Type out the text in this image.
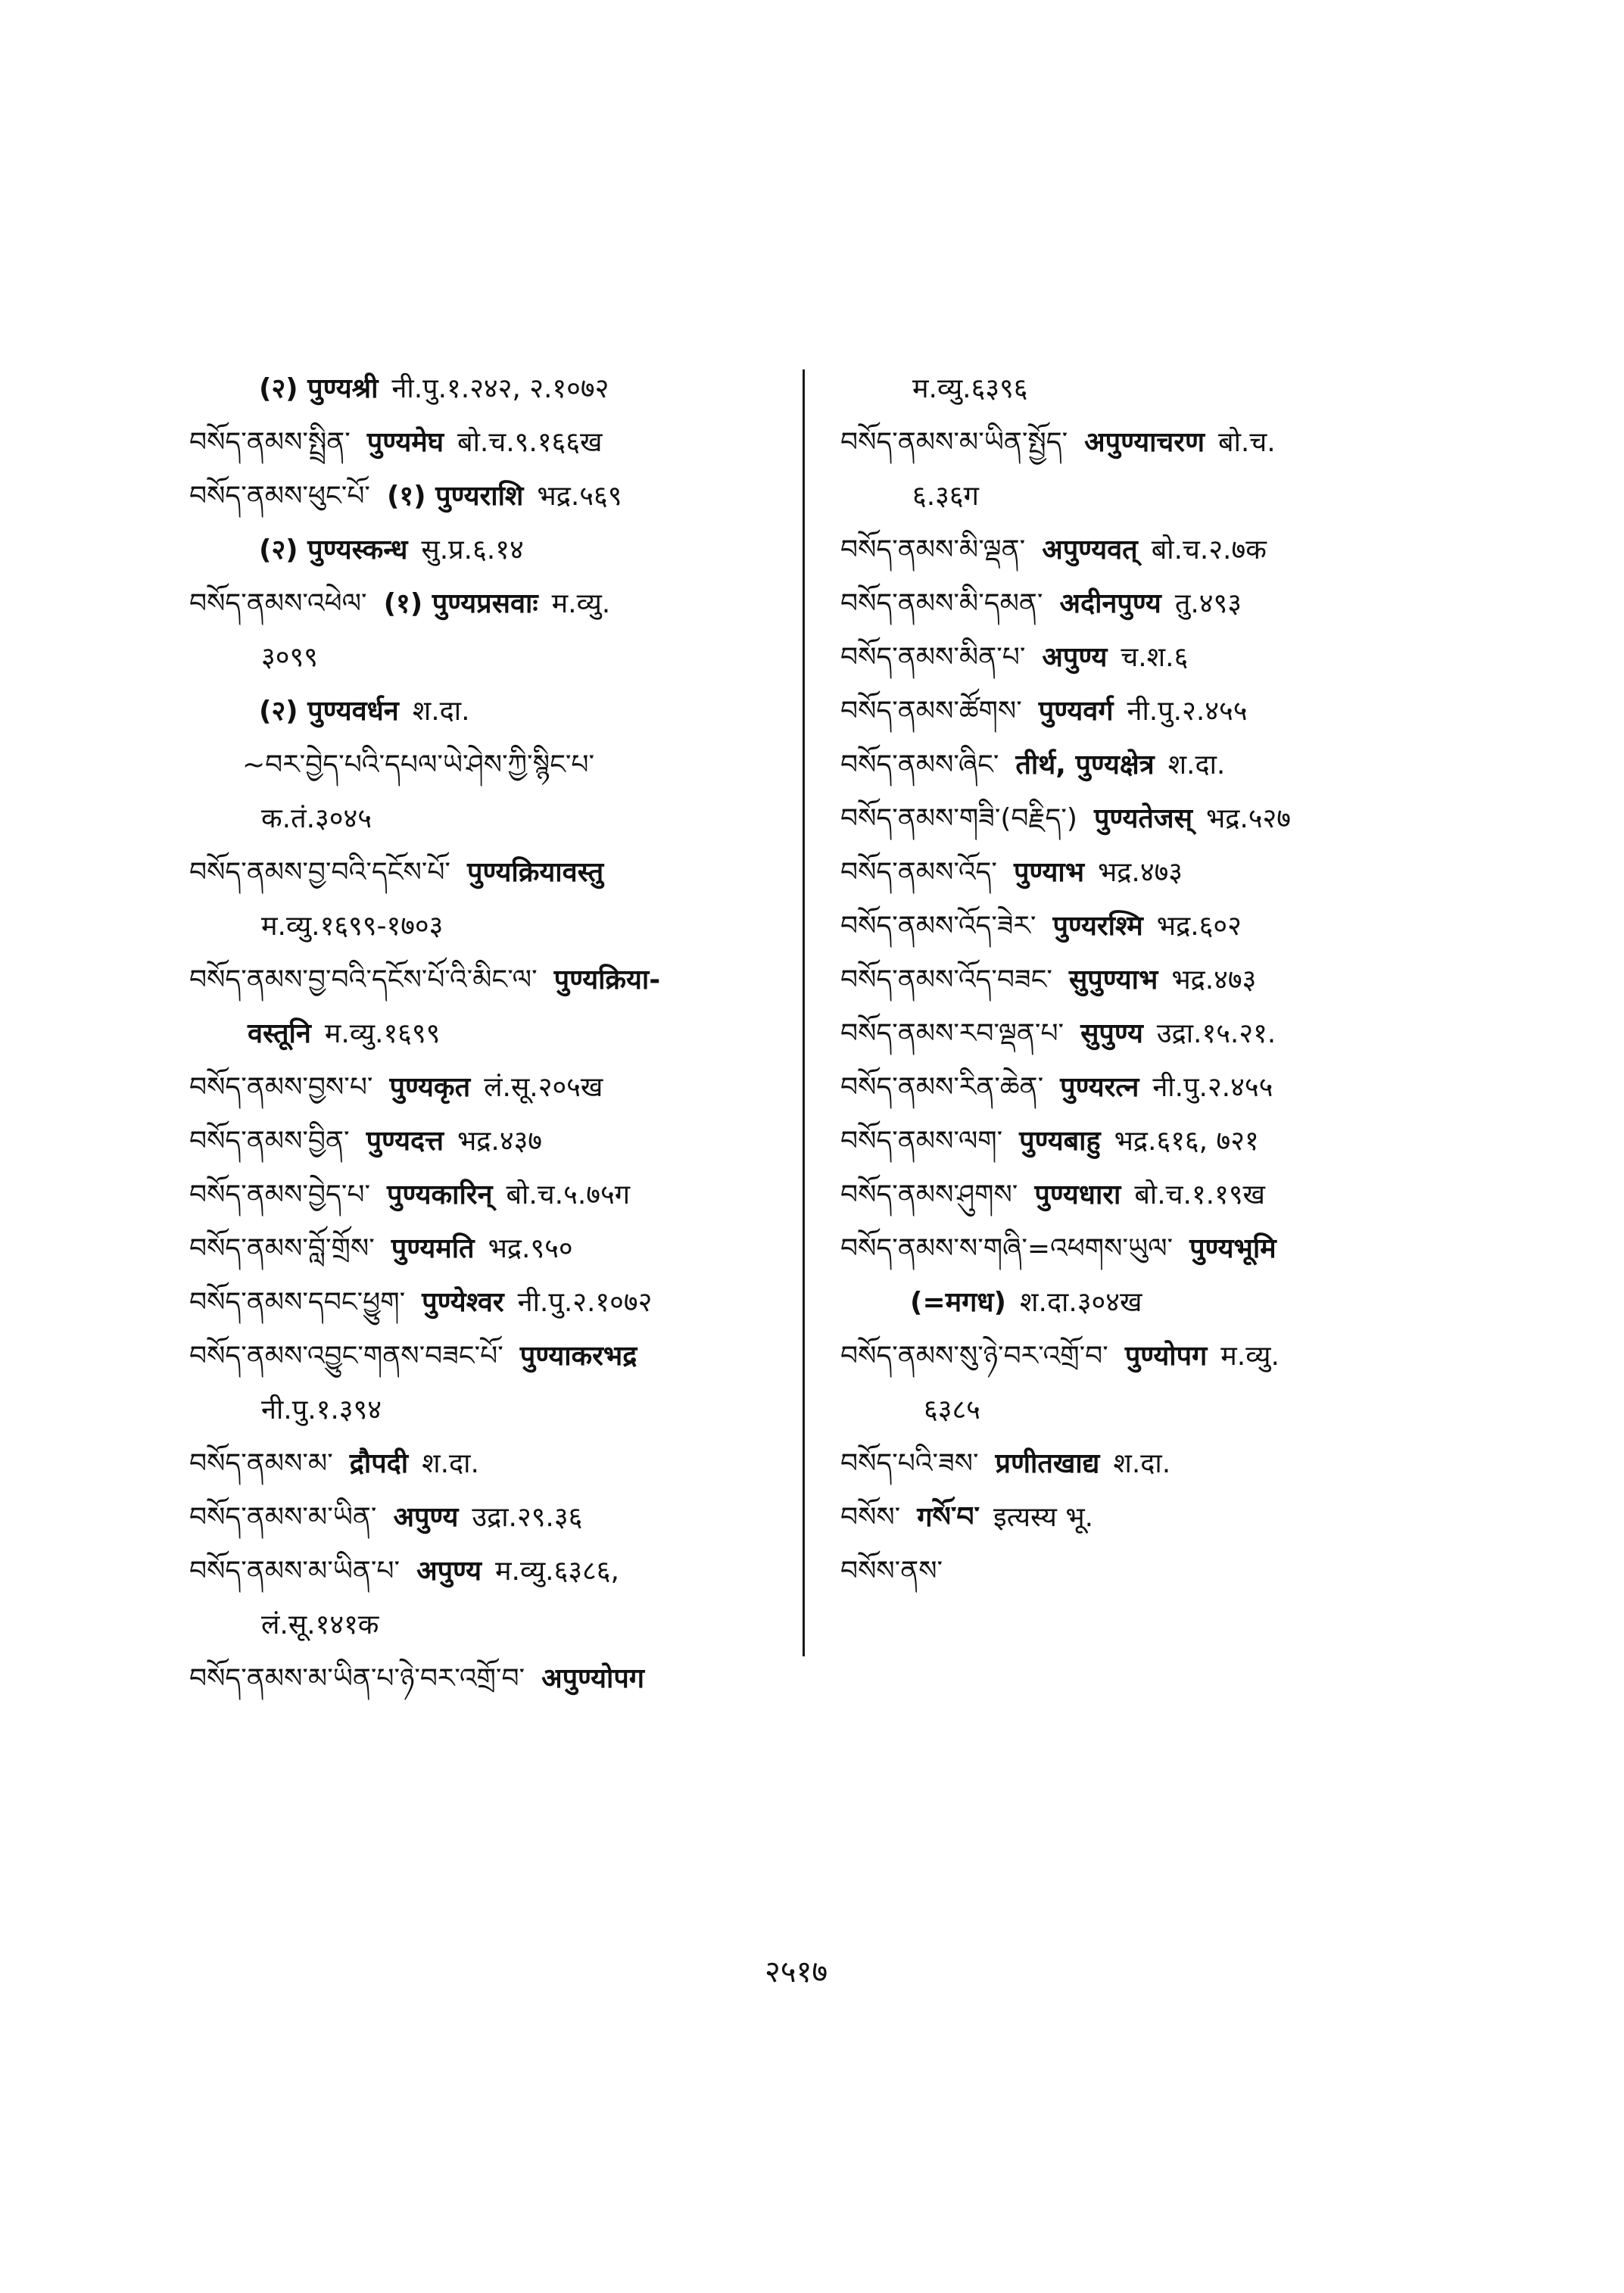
(२) पुण्यश्री नी.पु.१.२४२, २.१०७२
བསོད་ནམས་སྤྲིན་ पुण्यमेघ बो.च.९.१६६ख
བསོད་ནམས་ཕུང་པོ་ (१) पुण्यराशि भद्र.५६९
(२) पुण्यस्कन्ध सु.प्र.६.१४
བསོད་ནམས་འཕེལ་ (१) पुण्यप्रसवाः म.व्यु.
३०९९
(२) पुण्यवर्धन श.दा.
~བར་བྱེད་པའི་དཔལ་ཡེ་ཤེས་ཀྱི་སྙིང་པ་
क.तं.३०४५
བསོད་ནམས་བྱ་བའི་དངོས་པོ་ पुण्यक्रियावस्तु
म.व्यु.१६९९-१७०३
བསོད་ནམས་བྱ་བའི་དངོས་པོ་འི་མིང་ལ་ पुण्यक्रिया-
वस्तूनि म.व्यु.१६९९
བསོད་ནམས་བྱས་པ་ पुण्यकृत लं.सू.२०५ख
བསོད་ནམས་བྱིན་ पुण्यदत्त भद्र.४३७
བསོད་ནམས་བྱེད་པ་ पुण्यकारिन् बो.च.५.७५ग
བསོད་ནམས་བློ་གྲོས་ पुण्यमति भद्र.९५०
བསོད་ནམས་དབང་ཕྱུག་ पुण्येश्वर नी.पु.२.१०७२
བསོད་ནམས་འབྱུང་གནས་བཟང་པོ་ पुण्याकरभद्र
नी.पु.१.३९४
བསོད་ནམས་མ་ द्रौपदी श.दा.
བསོད་ནམས་མ་ཡིན་ अपुण्य उद्रा.२९.३६
བསོད་ནམས་མ་ཡིན་པ་ अपुण्य म.व्यु.६३८६,
लं.सू.१४१क
བསོད་ནམས་མ་ཡིན་པ་ཉེ་བར་འགྲོ་བ་ अपुण्योपग
म.व्यु.६३९६
བསོད་ནམས་མ་ཡིན་སྤྱོད་ अपुण्याचरण बो.च.
६.३६ग
བསོད་ནམས་མི་ལྡན་ अपुण्यवत् बो.च.२.७क
བསོད་ནམས་མི་དམན་ अदीनपुण्य तु.४९३
བསོད་ནམས་མིན་པ་ अपुण्य च.श.६
བསོད་ནམས་ཚོགས་ पुण्यवर्ग नी.पु.२.४५५
བསོད་ནམས་ཞིང་ तीर्थ, पुण्यक्षेत्र श.दा.
བསོད་ནམས་གཟི་(བརྗིད་) पुण्यतेजस् भद्र.५२७
བསོད་ནམས་འོད་ पुण्याभ भद्र.४७३
བསོད་ནམས་འོད་ཟེར་ पुण्यरश्मि भद्र.६०२
བསོད་ནམས་འོད་བཟང་ सुपुण्याभ भद्र.४७३
བསོད་ནམས་རབ་ལྡན་པ་ सुपुण्य उद्रा.१५.२१.
བསོད་ནམས་རིན་ཆེན་ पुण्यरत्न नी.पु.२.४५५
བསོད་ནམས་ལག་ पुण्यबाहु भद्र.६१६, ७२१
བསོད་ནམས་ཤུགས་ पुण्यधारा बो.च.१.१९ख
བསོད་ནམས་ས་གཞི་=འཕགས་ཡུལ་ पुण्यभूमि
(=मगध) श.दा.३०४ख
བསོད་ནམས་སུ་ཉེ་བར་འགྲོ་བ་ पुण्योपग म.व्यु.
६३८५
བསོད་པའི་ཟས་ प्रणीतखाद्य श.दा.
བསོས་ गསོ་བ་ इत्यस्य भू.
བསོས་ནས་
२५१७
